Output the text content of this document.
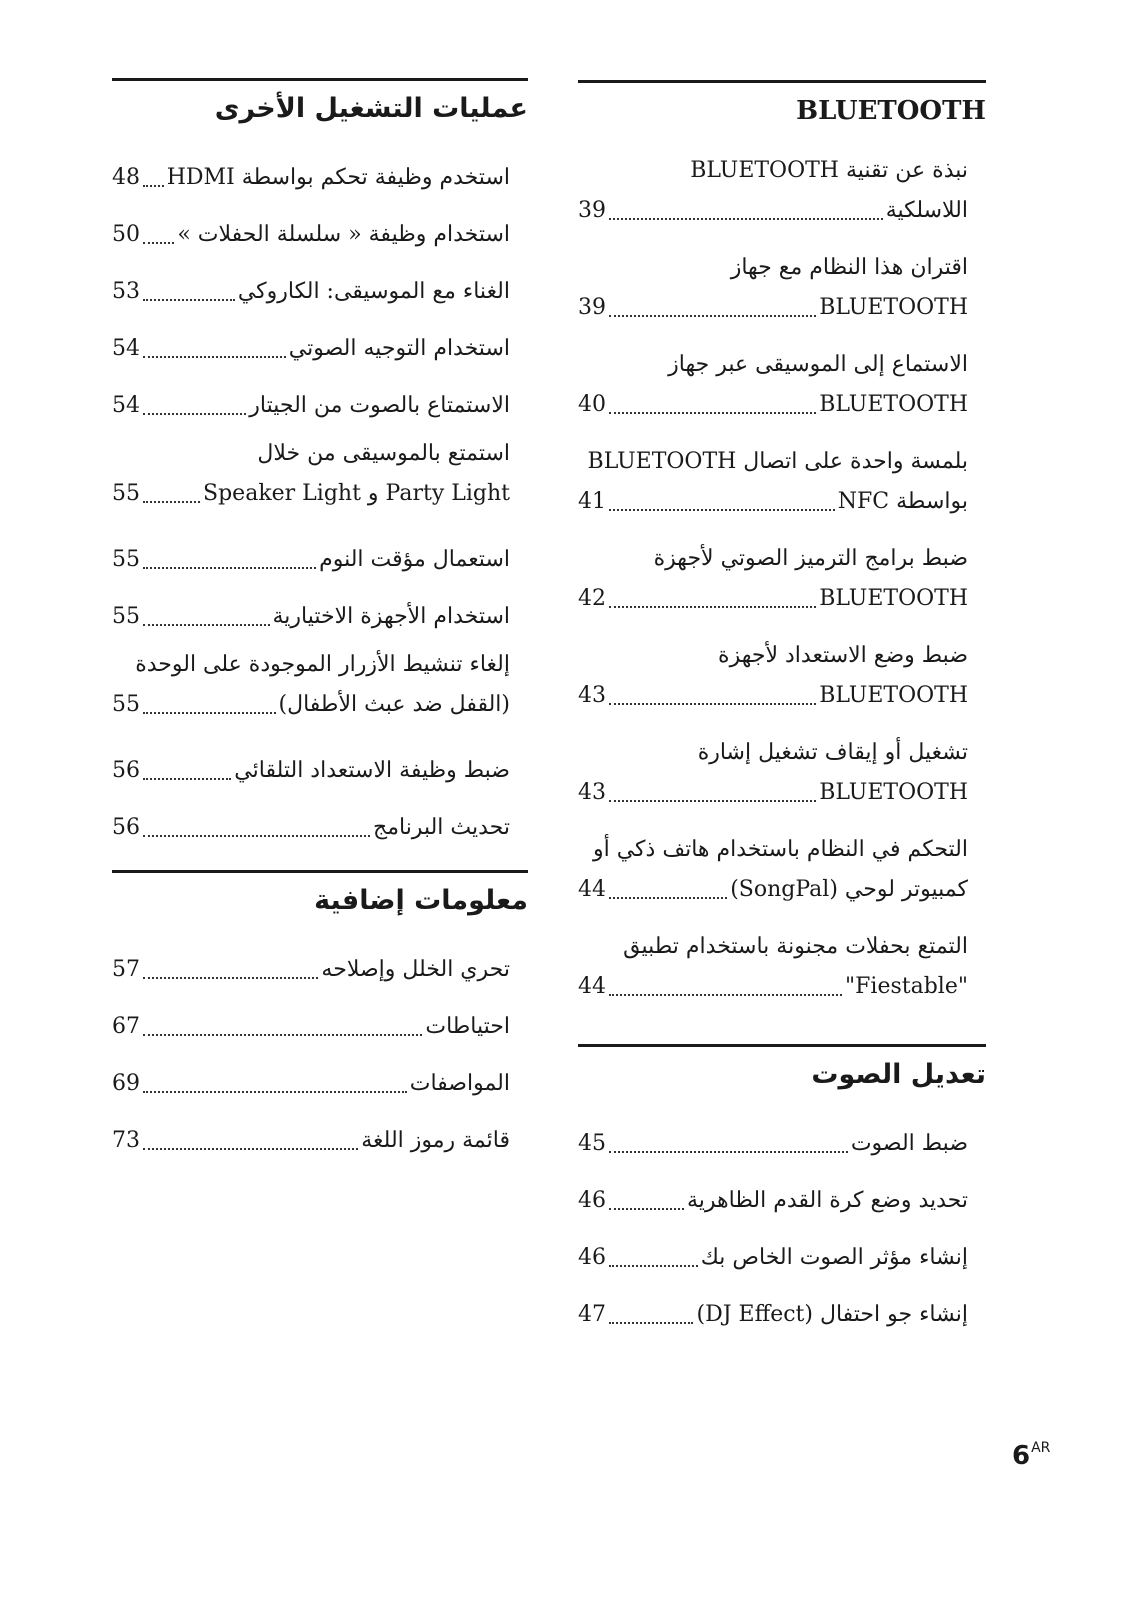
BLUETOOTH
نبذة عن تقنية BLUETOOTH
اللاسلكية
39
اقتران هذا النظام مع جهاز
BLUETOOTH
39
الاستماع إلى الموسيقى عبر جهاز
BLUETOOTH
40
بلمسة واحدة على اتصال BLUETOOTH
بواسطة NFC
41
ضبط برامج الترميز الصوتي لأجهزة
BLUETOOTH
42
ضبط وضع الاستعداد لأجهزة
BLUETOOTH
43
تشغيل أو إيقاف تشغيل إشارة
BLUETOOTH
43
التحكم في النظام باستخدام هاتف ذكي أو
كمبيوتر لوحي (SongPal)
44
التمتع بحفلات مجنونة باستخدام تطبيق
"Fiestable"
44
تعديل الصوت
ضبط الصوت
45
تحديد وضع كرة القدم الظاهرية
46
إنشاء مؤثر الصوت الخاص بك
46
إنشاء جو احتفال (DJ Effect)
47
عمليات التشغيل الأخرى
استخدم وظيفة تحكم بواسطة HDMI
48
استخدام وظيفة « سلسلة الحفلات »
50
الغناء مع الموسيقى: الكاروكي
53
استخدام التوجيه الصوتي
54
الاستمتاع بالصوت من الجيتار
54
استمتع بالموسيقى من خلال
Party Light و Speaker Light
55
استعمال مؤقت النوم
55
استخدام الأجهزة الاختيارية
55
إلغاء تنشيط الأزرار الموجودة على الوحدة
(القفل ضد عبث الأطفال)
55
ضبط وظيفة الاستعداد التلقائي
56
تحديث البرنامج
56
معلومات إضافية
تحري الخلل وإصلاحه
57
احتياطات
67
المواصفات
69
قائمة رموز اللغة
73
$6^{AR}$
